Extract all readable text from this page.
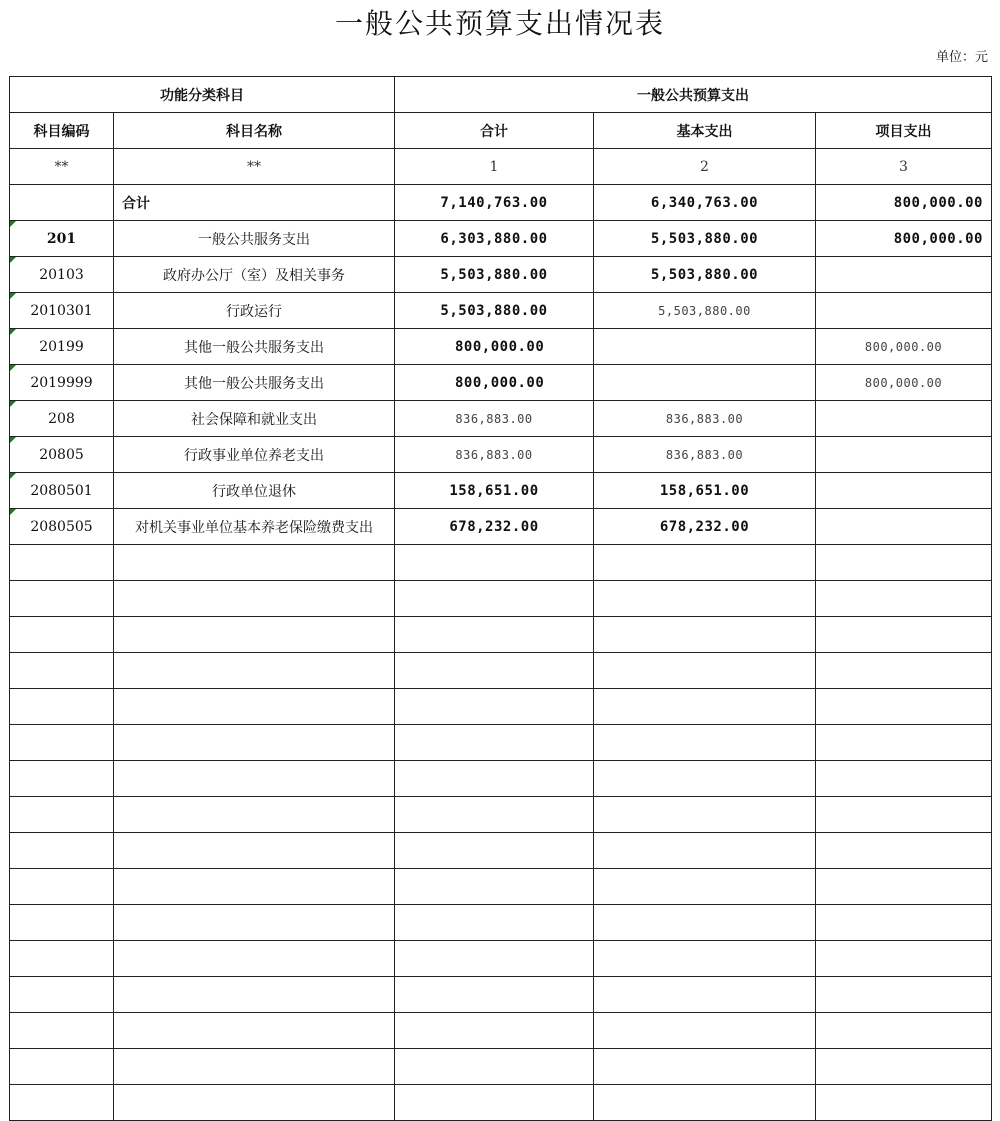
一般公共预算支出情况表
单位：元
功能分类科目		一般公共预算支出		
科目编码	科目名称	合计	基本支出	项目支出
**	**	1	2	3
	合计	7,140,763.00	6,340,763.00	800,000.00
201	一般公共服务支出	6,303,880.00	5,503,880.00	800,000.00
20103	政府办公厅（室）及相关事务	5,503,880.00	5,503,880.00	
2010301	行政运行	5,503,880.00	5,503,880.00	
20199	其他一般公共服务支出	800,000.00		800,000.00
2019999	其他一般公共服务支出	800,000.00		800,000.00
208	社会保障和就业支出	836,883.00	836,883.00	
20805	行政事业单位养老支出	836,883.00	836,883.00	
2080501	行政单位退休	158,651.00	158,651.00	
2080505	对机关事业单位基本养老保险缴费支出	678,232.00	678,232.00	
